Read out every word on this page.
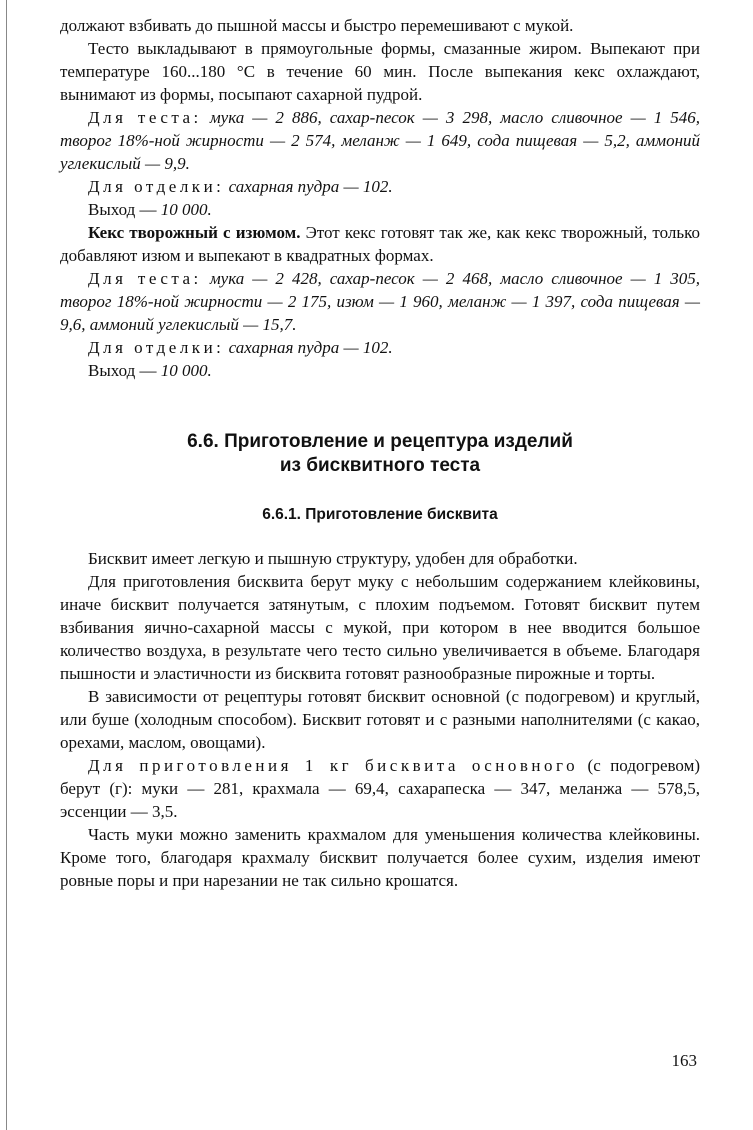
должают взбивать до пышной массы и быстро перемешивают с мукой.

Тесто выкладывают в прямоугольные формы, смазанные жиром. Выпекают при температуре 160...180 °С в течение 60 мин. После выпекания кекс охлаждают, вынимают из формы, посыпают сахарной пудрой.

Для теста: мука — 2 886, сахар-песок — 3 298, масло сливочное — 1 546, творог 18%-ной жирности — 2 574, меланж — 1 649, сода пищевая — 5,2, аммоний углекислый — 9,9.

Для отделки: сахарная пудра — 102.

Выход — 10 000.

Кекс творожный с изюмом. Этот кекс готовят так же, как кекс творожный, только добавляют изюм и выпекают в квадратных формах.

Для теста: мука — 2 428, сахар-песок — 2 468, масло сливочное — 1 305, творог 18%-ной жирности — 2 175, изюм — 1 960, меланж — 1 397, сода пищевая — 9,6, аммоний углекислый — 15,7.

Для отделки: сахарная пудра — 102.

Выход — 10 000.

6.6. Приготовление и рецептура изделий
из бисквитного теста
6.6.1. Приготовление бисквита

Бисквит имеет легкую и пышную структуру, удобен для обработки.

Для приготовления бисквита берут муку с небольшим содержанием клейковины, иначе бисквит получается затянутым, с плохим подъемом. Готовят бисквит путем взбивания яично-сахарной массы с мукой, при котором в нее вводится большое количество воздуха, в результате чего тесто сильно увеличивается в объеме. Благодаря пышности и эластичности из бисквита готовят разнообразные пирожные и торты.

В зависимости от рецептуры готовят бисквит основной (с подогревом) и круглый, или буше (холодным способом). Бисквит готовят и с разными наполнителями (с какао, орехами, маслом, овощами).

Для приготовления 1 кг бисквита основного (с подогревом) берут (г): муки — 281, крахмала — 69,4, сахарапеска — 347, меланжа — 578,5, эссенции — 3,5.

Часть муки можно заменить крахмалом для уменьшения количества клейковины. Кроме того, благодаря крахмалу бисквит получается более сухим, изделия имеют ровные поры и при нарезании не так сильно крошатся.

163
